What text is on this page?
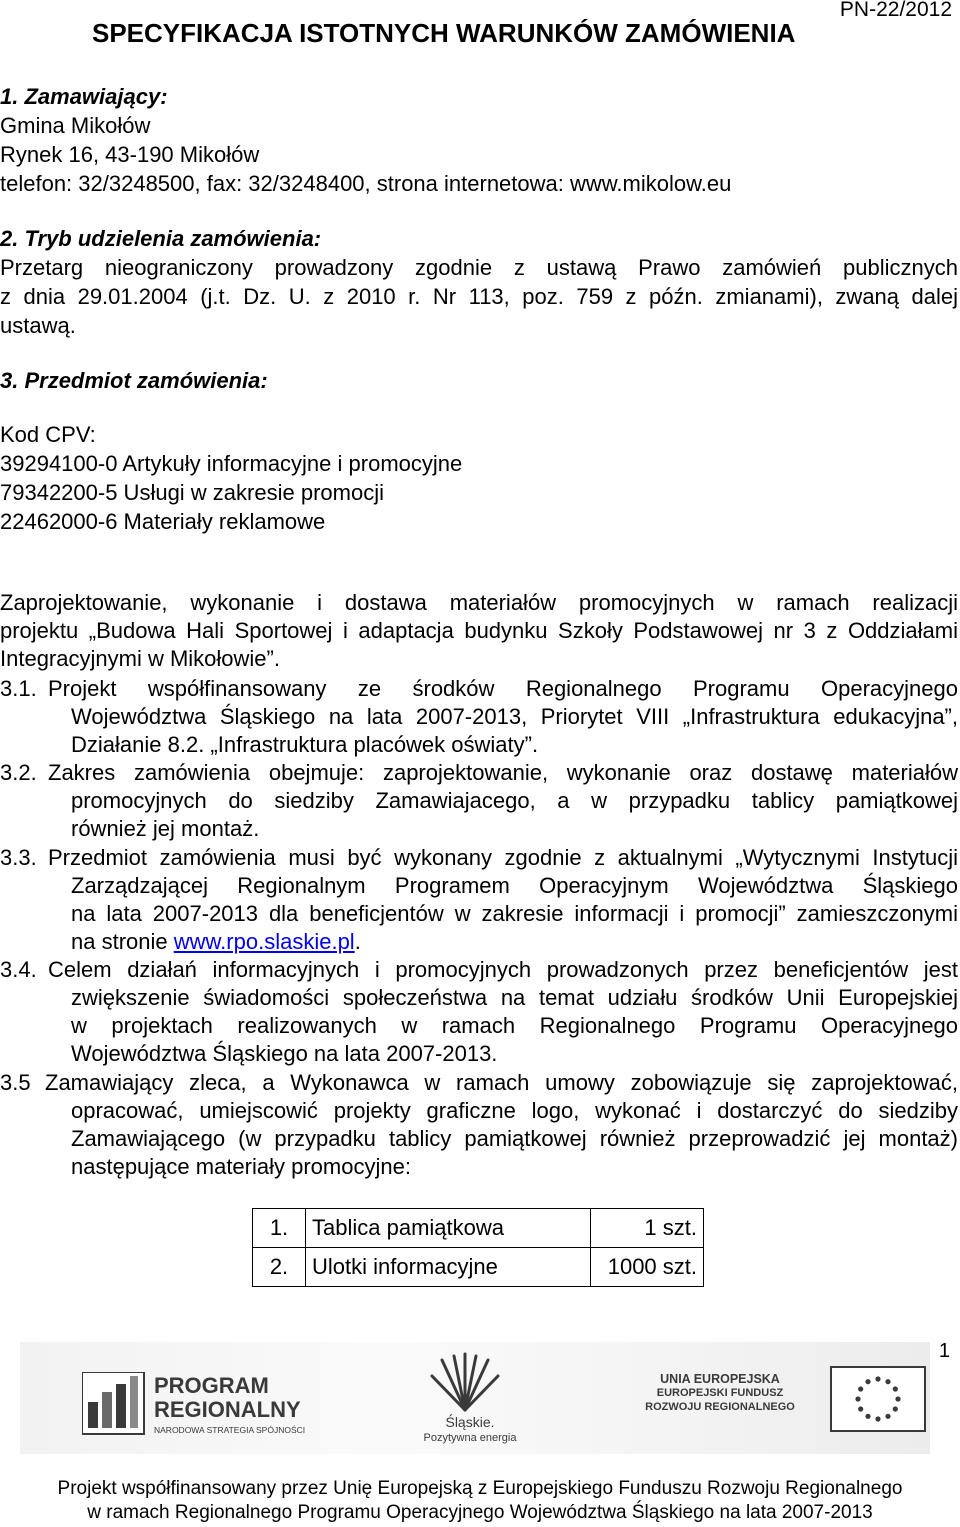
PN-22/2012
SPECYFIKACJA ISTOTNYCH WARUNKÓW ZAMÓWIENIA
1. Zamawiający:
Gmina Mikołów
Rynek 16, 43-190 Mikołów
telefon: 32/3248500, fax: 32/3248400, strona internetowa: www.mikolow.eu
2. Tryb udzielenia zamówienia:
Przetarg nieograniczony prowadzony zgodnie z ustawą Prawo zamówień publicznych
z dnia 29.01.2004 (j.t. Dz. U. z 2010 r. Nr 113, poz. 759 z późn. zmianami), zwaną dalej
ustawą.
3. Przedmiot zamówienia:
Kod CPV:
39294100-0 Artykuły informacyjne i promocyjne
79342200-5 Usługi w zakresie promocji
22462000-6 Materiały reklamowe
Zaprojektowanie, wykonanie i dostawa materiałów promocyjnych w ramach realizacji
projektu „Budowa Hali Sportowej i adaptacja budynku Szkoły Podstawowej nr 3 z Oddziałami
Integracyjnymi w Mikołowie”.
3.1. Projekt współfinansowany ze środków Regionalnego Programu Operacyjnego
Województwa Śląskiego na lata 2007-2013, Priorytet VIII „Infrastruktura edukacyjna”,
Działanie 8.2. „Infrastruktura placówek oświaty”.
3.2. Zakres zamówienia obejmuje: zaprojektowanie, wykonanie oraz dostawę materiałów
promocyjnych do siedziby Zamawiajacego, a w przypadku tablicy pamiątkowej
również jej montaż.
3.3. Przedmiot zamówienia musi być wykonany zgodnie z aktualnymi „Wytycznymi Instytucji
Zarządzającej Regionalnym Programem Operacyjnym Województwa Śląskiego
na lata 2007-2013 dla beneficjentów w zakresie informacji i promocji” zamieszczonymi
na stronie www.rpo.slaskie.pl.
3.4. Celem działań informacyjnych i promocyjnych prowadzonych przez beneficjentów jest
zwiększenie świadomości społeczeństwa na temat udziału środków Unii Europejskiej
w projektach realizowanych w ramach Regionalnego Programu Operacyjnego
Województwa Śląskiego na lata 2007-2013.
3.5 Zamawiający zleca, a Wykonawca w ramach umowy zobowiązuje się zaprojektować,
opracować, umiejscowić projekty graficzne logo, wykonać i dostarczyć do siedziby
Zamawiającego (w przypadku tablicy pamiątkowej również przeprowadzić jej montaż)
następujące materiały promocyjne:
1.	Tablica pamiątkowa	1 szt.
2.	Ulotki informacyjne	1000 szt.
1
PROGRAM
REGIONALNY
NARODOWA STRATEGIA SPÓJNOŚCI	Śląskie.
Pozytywna energia
UNIA EUROPEJSKA
EUROPEJSKI FUNDUSZ
ROZWOJU REGIONALNEGO
Projekt współfinansowany przez Unię Europejską z Europejskiego Funduszu Rozwoju Regionalnego
w ramach Regionalnego Programu Operacyjnego Województwa Śląskiego na lata 2007-2013
